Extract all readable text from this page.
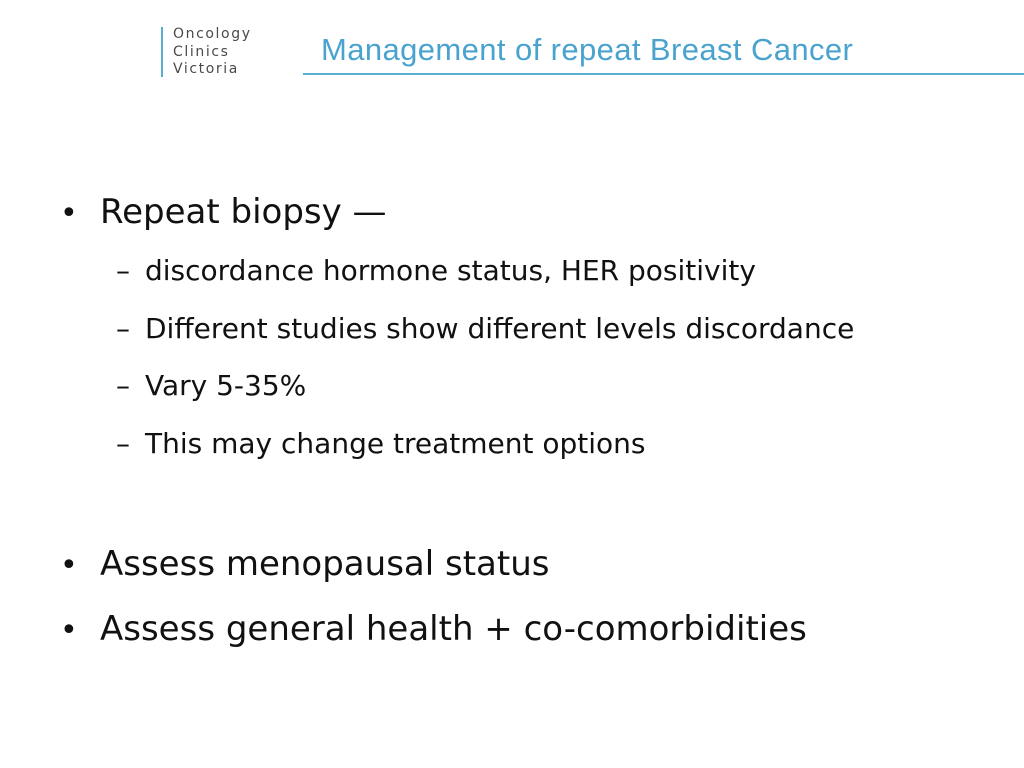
Oncology
Clinics
Victoria
Management of repeat Breast Cancer
• Repeat biopsy —
– discordance hormone status, HER positivity
– Different studies show different levels discordance
– Vary 5-35%
– This may change treatment options
• Assess menopausal status
• Assess general health + co-comorbidities
